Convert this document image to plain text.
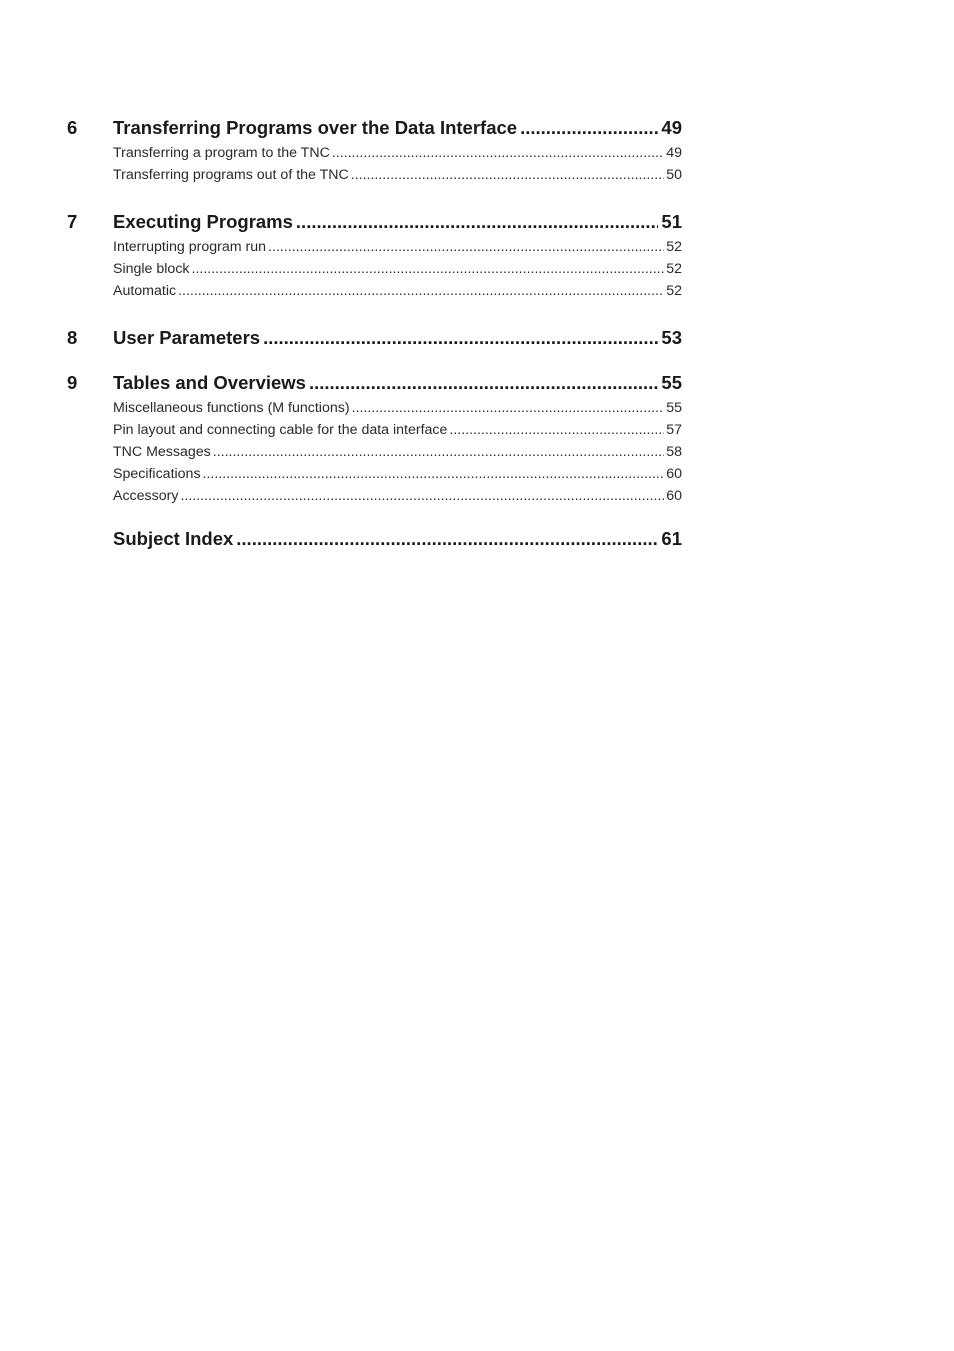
6	Transferring Programs over the Data Interface .....	49
Transferring a program to the TNC .....	49
Transferring programs out of the TNC .....	50
7	Executing Programs .....	51
Interrupting program run .....	52
Single block .....	52
Automatic .....	52
8	User Parameters .....	53
9	Tables and Overviews .....	55
Miscellaneous functions (M functions) .....	55
Pin layout and connecting cable for the data interface .....	57
TNC Messages .....	58
Specifications .....	60
Accessory .....	60
Subject Index .....	61
